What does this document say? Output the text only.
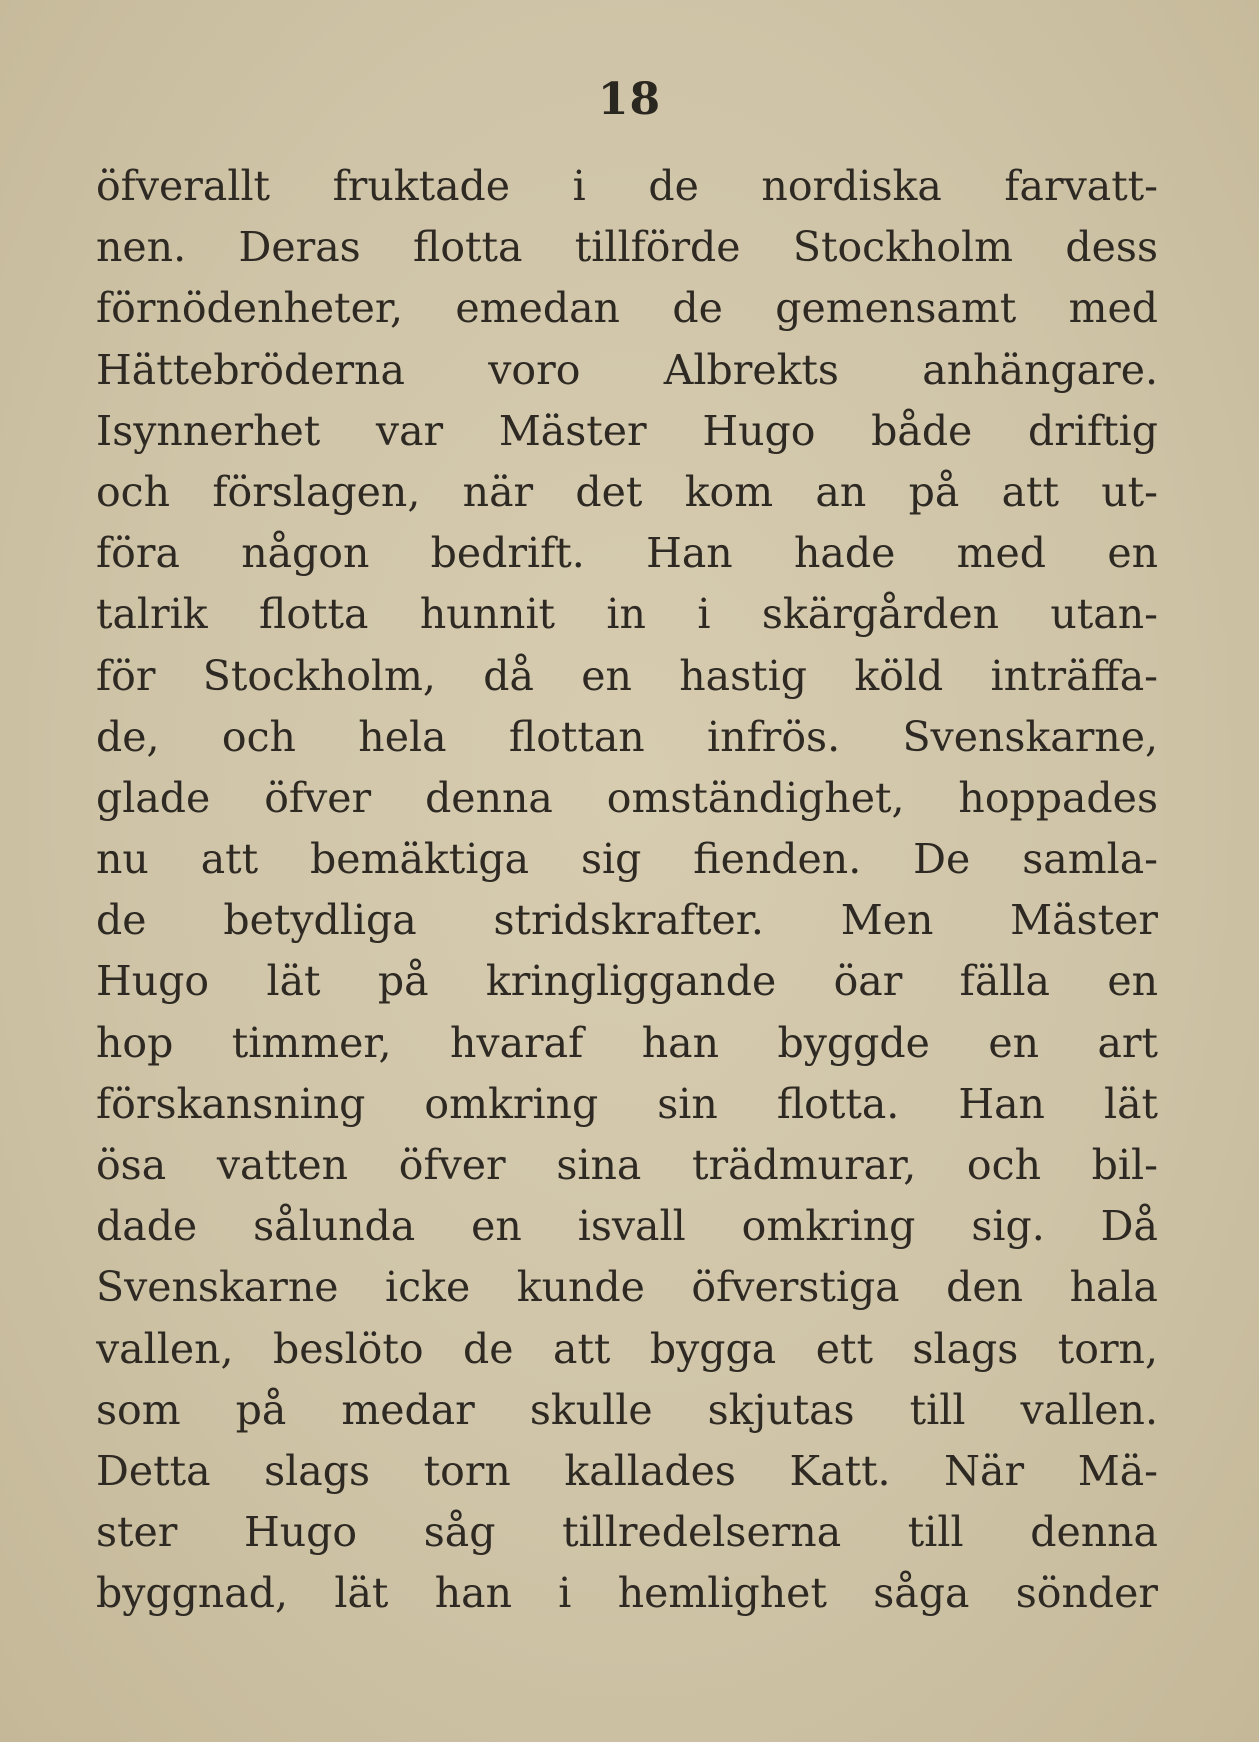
18
öfverallt fruktade i de nordiska farvatt-
nen. Deras flotta tillförde Stockholm dess
förnödenheter, emedan de gemensamt med
Hättebröderna voro Albrekts anhängare.
Isynnerhet var Mäster Hugo både driftig
och förslagen, när det kom an på att ut-
föra någon bedrift. Han hade med en
talrik flotta hunnit in i skärgården utan-
för Stockholm, då en hastig köld inträffa-
de, och hela flottan infrös. Svenskarne,
glade öfver denna omständighet, hoppades
nu att bemäktiga sig fienden. De samla-
de betydliga stridskrafter. Men Mäster
Hugo lät på kringliggande öar fälla en
hop timmer, hvaraf han byggde en art
förskansning omkring sin flotta. Han lät
ösa vatten öfver sina trädmurar, och bil-
dade sålunda en isvall omkring sig. Då
Svenskarne icke kunde öfverstiga den hala
vallen, beslöto de att bygga ett slags torn,
som på medar skulle skjutas till vallen.
Detta slags torn kallades Katt. När Mä-
ster Hugo såg tillredelserna till denna
byggnad, lät han i hemlighet såga sönder
